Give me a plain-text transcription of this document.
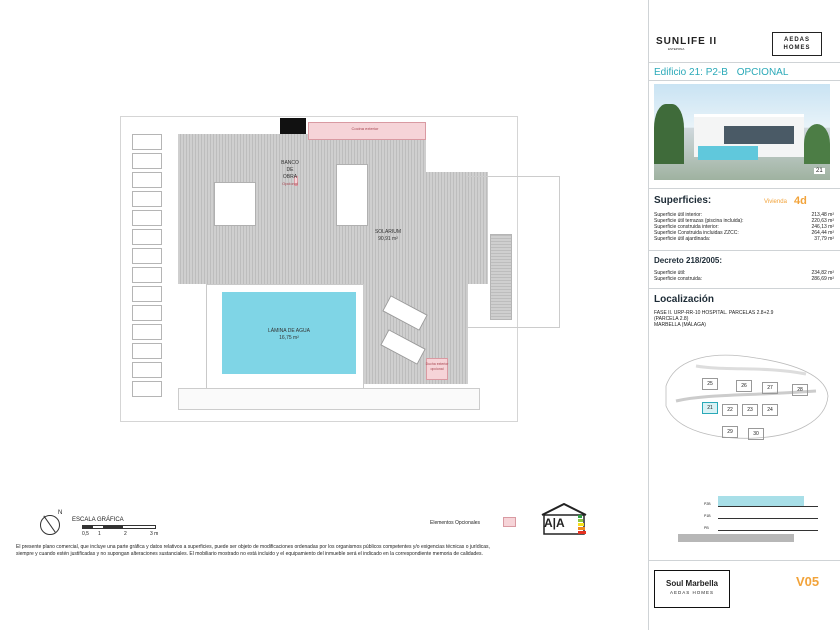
Cocina exterior
BANCO
DE
OBRA
Opcional
SOLARIUM
90,91 m²
LÁMINA DE AGUA
16,75 m²
Ducha exterior opcional
N
ESCALA GRÁFICA
0,5 1	2	3 m
Elementos Opcionales	A|A
El presente plano comercial, que incluye una parte gráfica y datos relativos a superficies, puede ser objeto de modificaciones ordenadas por los organismos públicos competentes y/o exigencias técnicas o jurídicas,
siempre y cuando estén justificadas y no supongan alteraciones sustanciales. El mobiliario mostrado no está incluido y el equipamiento del inmueble será el indicado en la correspondiente memoria de calidades.
SUNLIFE II
ESTEPONA
AEDAS
HOMES
Edificio 21: P2-B OPCIONAL
21
Superficies:	Vivienda 4d
Superficie útil interior:	213,48 m²
Superficie útil terrazas (piscina incluida):	220,63 m²
Superficie construida interior:	246,13 m²
Superficie Construida incluidas ZZCC:	264,44 m²
Superficie útil ajardinada:	37,79 m²
Decreto 218/2005:
Superficie útil:	234,82 m²
Superficie construida:	286,69 m²
Localización
FASE II. URP-RR-10 HOSPITAL. PARCELAS 2.8+2.9
(PARCELA 2.8)
MARBELLA (MÁLAGA)
25	26	27	28
21	22	23	24
29	30
P2B
P1B
PB
Soul Marbella
AEDAS HOMES
V05
